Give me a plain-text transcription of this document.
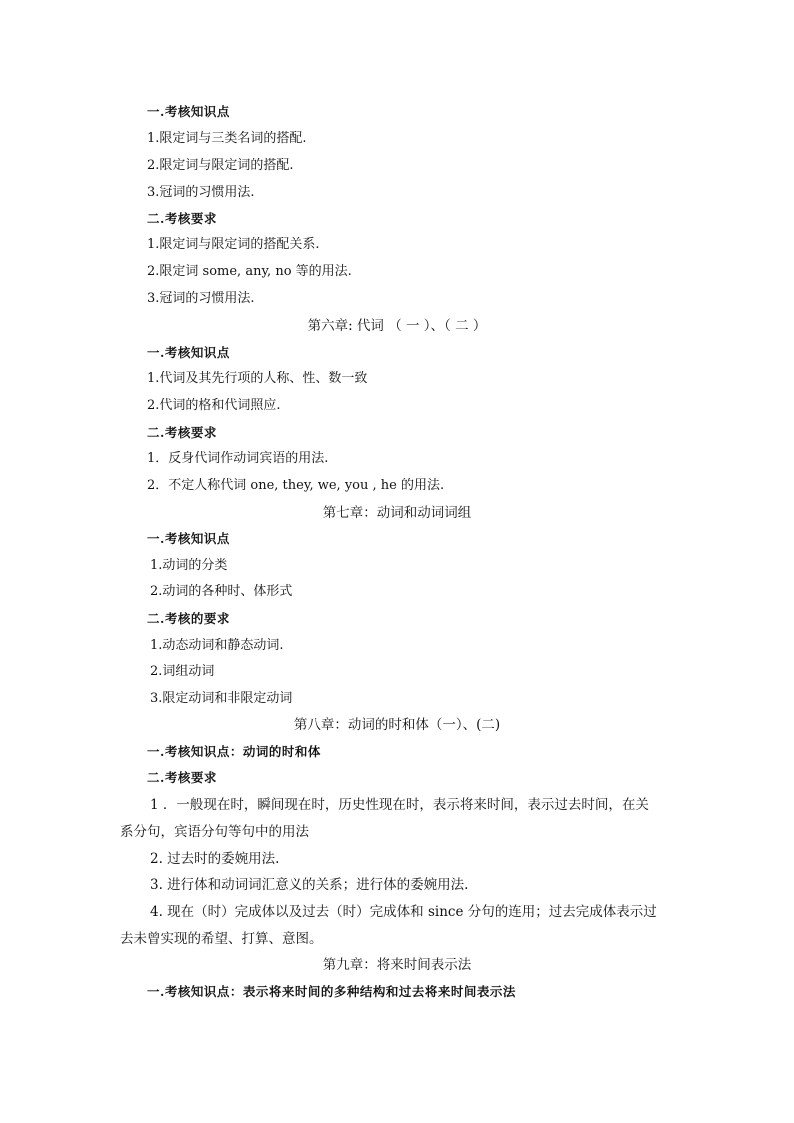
一.考核知识点
1.限定词与三类名词的搭配.
2.限定词与限定词的搭配.
3.冠词的习惯用法.
二.考核要求
1.限定词与限定词的搭配关系.
2.限定词 some, any, no 等的用法.
3.冠词的习惯用法.
第六章: 代词 （ 一 ）、（ 二 ）
一.考核知识点
1.代词及其先行项的人称、性、数一致
2.代词的格和代词照应.
二.考核要求
1．反身代词作动词宾语的用法.
2．不定人称代词 one, they, we, you , he 的用法.
第七章：动词和动词词组
一.考核知识点
1.动词的分类
2.动词的各种时、体形式
二.考核的要求
1.动态动词和静态动词.
2.词组动词
3.限定动词和非限定动词
第八章：动词的时和体（一）、(二)
一.考核知识点：动词的时和体
二.考核要求
1 ．一般现在时，瞬间现在时，历史性现在时，表示将来时间，表示过去时间，在关
系分句，宾语分句等句中的用法
2. 过去时的委婉用法.
3. 进行体和动词词汇意义的关系；进行体的委婉用法.
4. 现在（时）完成体以及过去（时）完成体和 since 分句的连用；过去完成体表示过
去未曾实现的希望、打算、意图。
第九章：将来时间表示法
一.考核知识点：表示将来时间的多种结构和过去将来时间表示法
